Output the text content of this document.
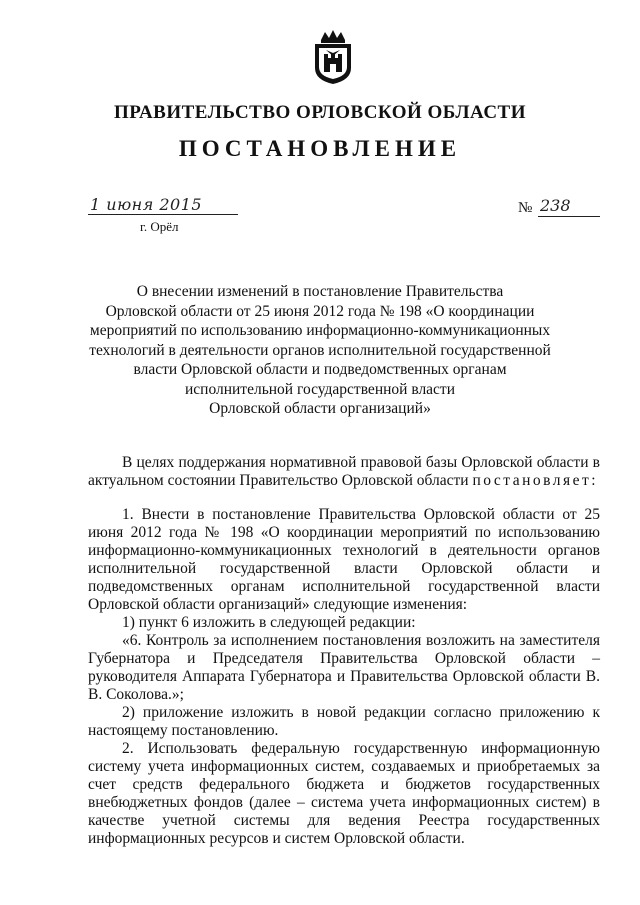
ПРАВИТЕЛЬСТВО ОРЛОВСКОЙ ОБЛАСТИ
ПОСТАНОВЛЕНИЕ
1 июня 2015
г. Орёл
№ 238
О внесении изменений в постановление Правительства
Орловской области от 25 июня 2012 года № 198 «О координации
мероприятий по использованию информационно-коммуникационных
технологий в деятельности органов исполнительной государственной
власти Орловской области и подведомственных органам
исполнительной государственной власти
Орловской области организаций»

В целях поддержания нормативной правовой базы Орловской области в актуальном состоянии Правительство Орловской области постановляет:

1. Внести в постановление Правительства Орловской области от 25 июня 2012 года № 198 «О координации мероприятий по использованию информационно-коммуникационных технологий в деятельности органов исполнительной государственной власти Орловской области и подведомственных органам исполнительной государственной власти Орловской области организаций» следующие изменения:

1) пункт 6 изложить в следующей редакции:

«6. Контроль за исполнением постановления возложить на заместителя Губернатора и Председателя Правительства Орловской области – руководителя Аппарата Губернатора и Правительства Орловской области В. В. Соколова.»;

2) приложение изложить в новой редакции согласно приложению к настоящему постановлению.

2. Использовать федеральную государственную информационную систему учета информационных систем, создаваемых и приобретаемых за счет средств федерального бюджета и бюджетов государственных внебюджетных фондов (далее – система учета информационных систем) в качестве учетной системы для ведения Реестра государственных информационных ресурсов и систем Орловской области.
